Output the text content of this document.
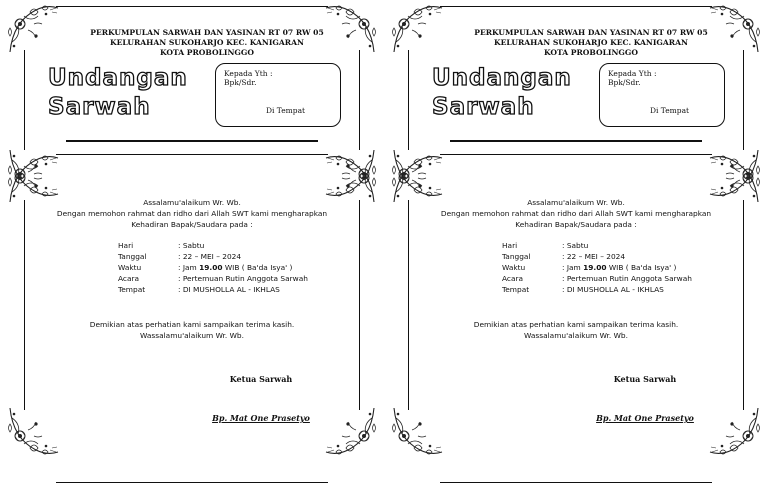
PERKUMPULAN SARWAH DAN YASINAN RT 07 RW 05
KELURAHAN SUKOHARJO KEC. KANIGARAN
KOTA PROBOLINGGO
Undangan
Sarwah
Kepada Yth :
Bpk/Sdr.
Di Tempat
Assalamu'alaikum Wr. Wb.
Dengan memohon rahmat dan ridho dari Allah SWT kami mengharapkan
Kehadiran Bapak/Saudara pada :
Hari	: Sabtu
Tanggal	: 22 – MEI – 2024
Waktu	: Jam 19.00 WIB ( Ba'da Isya' )
Acara	: Pertemuan Rutin Anggota Sarwah
Tempat	: DI MUSHOLLA AL - IKHLAS
Demikian atas perhatian kami sampaikan terima kasih.
Wassalamu'alaikum Wr. Wb.
Ketua Sarwah
Bp. Mat One Prasetyo
PERKUMPULAN SARWAH DAN YASINAN RT 07 RW 05
KELURAHAN SUKOHARJO KEC. KANIGARAN
KOTA PROBOLINGGO
Undangan
Sarwah
Kepada Yth :
Bpk/Sdr.
Di Tempat
Assalamu'alaikum Wr. Wb.
Dengan memohon rahmat dan ridho dari Allah SWT kami mengharapkan
Kehadiran Bapak/Saudara pada :
Hari	: Sabtu
Tanggal	: 22 – MEI – 2024
Waktu	: Jam 19.00 WIB ( Ba'da Isya' )
Acara	: Pertemuan Rutin Anggota Sarwah
Tempat	: DI MUSHOLLA AL - IKHLAS
Demikian atas perhatian kami sampaikan terima kasih.
Wassalamu'alaikum Wr. Wb.
Ketua Sarwah
Bp. Mat One Prasetyo
